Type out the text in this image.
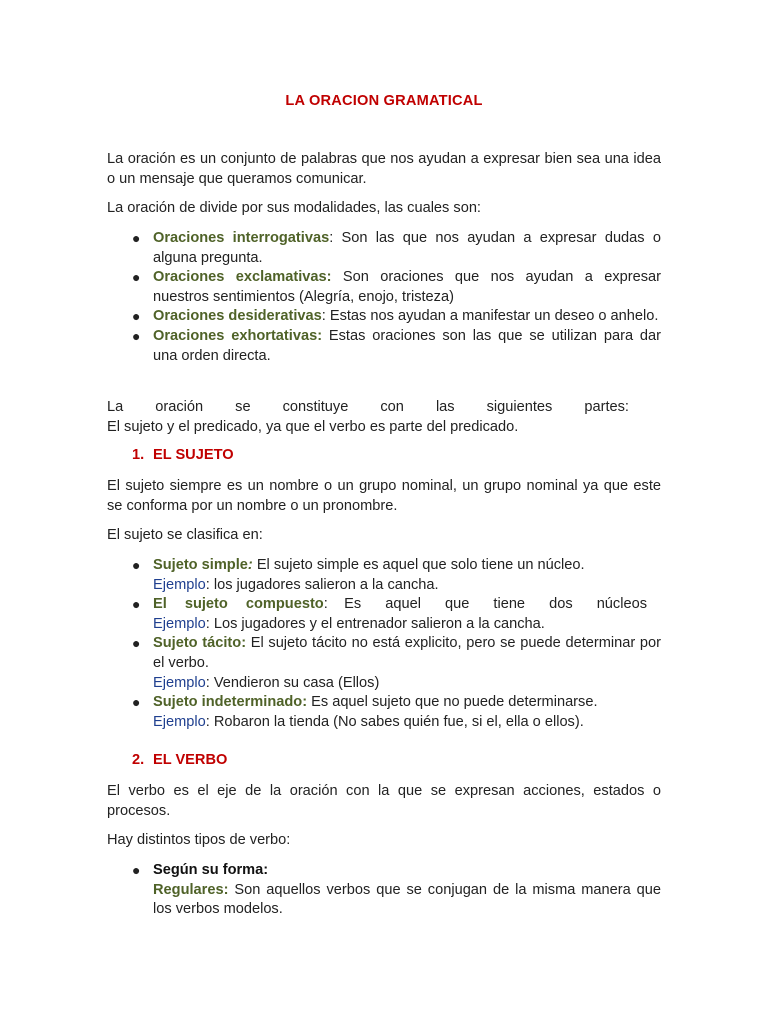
LA ORACION GRAMATICAL

La oración es un conjunto de palabras que nos ayudan a expresar bien sea una idea o un mensaje que queramos comunicar.

La oración de divide por sus modalidades, las cuales son:

● Oraciones interrogativas: Son las que nos ayudan a expresar dudas o alguna pregunta.
● Oraciones exclamativas: Son oraciones que nos ayudan a expresar nuestros sentimientos (Alegría, enojo, tristeza)
● Oraciones desiderativas: Estas nos ayudan a manifestar un deseo o anhelo.
● Oraciones exhortativas: Estas oraciones son las que se utilizan para dar una orden directa.
La oración se constituye con las siguientes partes:
El sujeto y el predicado, ya que el verbo es parte del predicado.
1. EL SUJETO

El sujeto siempre es un nombre o un grupo nominal, un grupo nominal ya que este se conforma por un nombre o un pronombre.

El sujeto se clasifica en:

● Sujeto simple: El sujeto simple es aquel que solo tiene un núcleo.
Ejemplo: los jugadores salieron a la cancha.
● El sujeto compuesto: Es aquel que tiene dos núcleos
Ejemplo: Los jugadores y el entrenador salieron a la cancha.
● Sujeto tácito: El sujeto tácito no está explicito, pero se puede determinar por el verbo.
Ejemplo: Vendieron su casa (Ellos)
● Sujeto indeterminado: Es aquel sujeto que no puede determinarse.
Ejemplo: Robaron la tienda (No sabes quién fue, si el, ella o ellos).
2. EL VERBO

El verbo es el eje de la oración con la que se expresan acciones, estados o procesos.

Hay distintos tipos de verbo:

● Según su forma:
Regulares: Son aquellos verbos que se conjugan de la misma manera que los verbos modelos.
